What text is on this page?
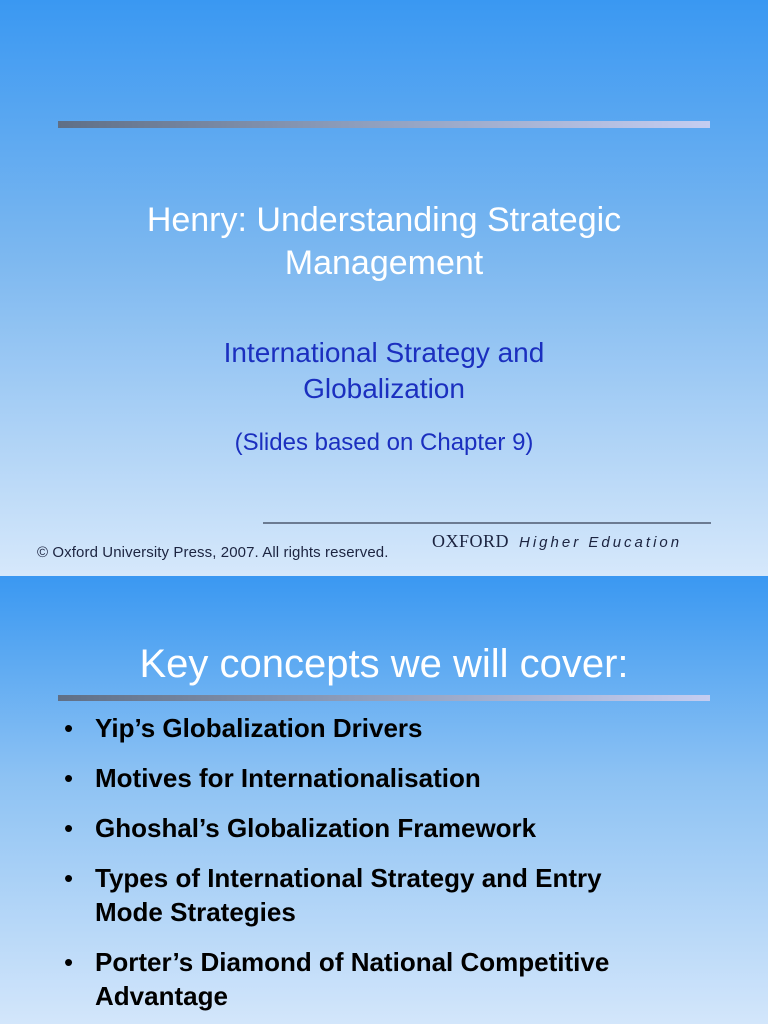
Henry: Understanding Strategic
Management
International Strategy and
Globalization
(Slides based on Chapter 9)
© Oxford University Press, 2007. All rights reserved.
OXFORD Higher Education
Key concepts we will cover:
• Yip’s Globalization Drivers
• Motives for Internationalisation
• Ghoshal’s Globalization Framework
• Types of International Strategy and Entry
Mode Strategies
• Porter’s Diamond of National Competitive
Advantage
